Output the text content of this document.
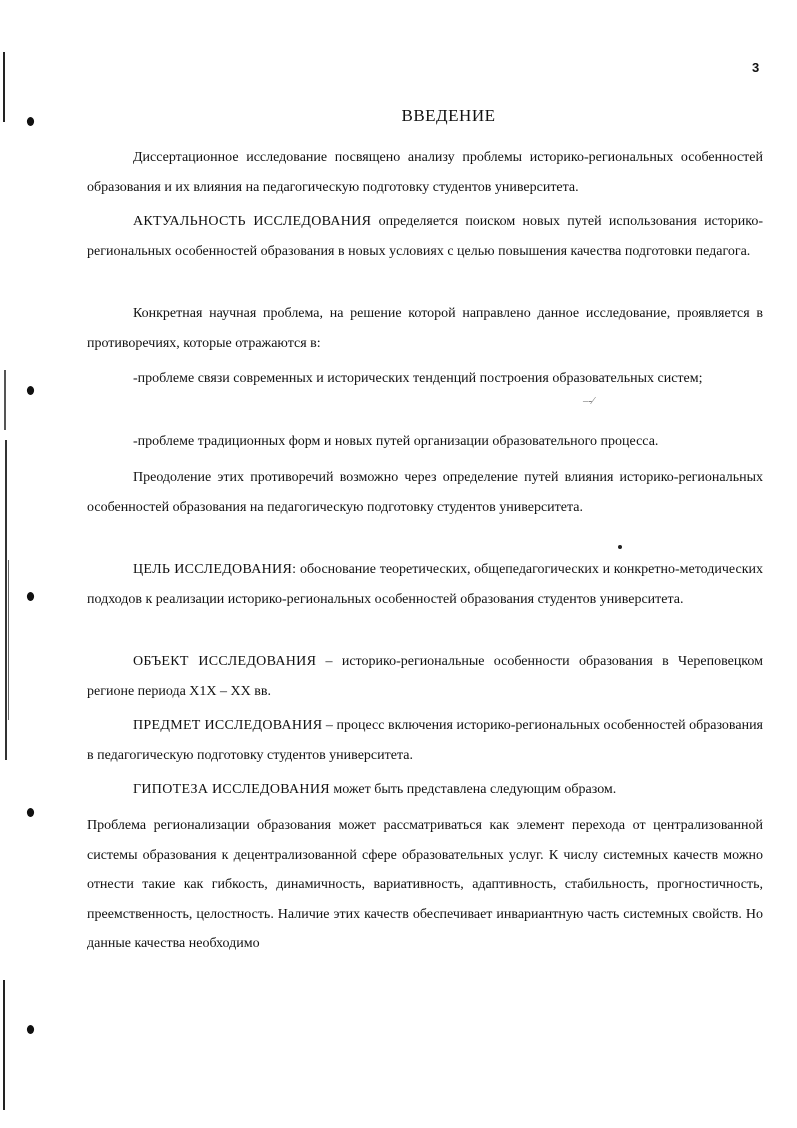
3
ВВЕДЕНИЕ
Диссертационное исследование посвящено анализу проблемы историко-региональных особенностей образования и их влияния на педагогическую подготовку студентов университета.
АКТУАЛЬНОСТЬ ИССЛЕДОВАНИЯ определяется поиском новых путей использования историко-региональных особенностей образования в новых условиях с целью повышения качества подготовки педагога.
Конкретная научная проблема, на решение которой направлено данное исследование, проявляется в противоречиях, которые отражаются в:
-проблеме связи современных и исторических тенденций построения образовательных систем;
-проблеме традиционных форм и новых путей организации образовательного процесса.
Преодоление этих противоречий возможно через определение путей влияния историко-региональных особенностей образования на педагогическую подготовку студентов университета.
ЦЕЛЬ ИССЛЕДОВАНИЯ: обоснование теоретических, общепедагогических и конкретно-методических подходов к реализации историко-региональных особенностей образования студентов университета.
ОБЪЕКТ ИССЛЕДОВАНИЯ – историко-региональные особенности образования в Череповецком регионе периода Х1Х – ХХ вв.
ПРЕДМЕТ ИССЛЕДОВАНИЯ – процесс включения историко-региональных особенностей образования в педагогическую подготовку студентов университета.
ГИПОТЕЗА ИССЛЕДОВАНИЯ может быть представлена следующим образом.
Проблема регионализации образования может рассматриваться как элемент перехода от централизованной системы образования к децентрализованной сфере образовательных услуг. К числу системных качеств можно отнести такие как гибкость, динамичность, вариативность, адаптивность, стабильность, прогностичность, преемственность, целостность. Наличие этих качеств обеспечивает инвариантную часть системных свойств. Но данные качества необходимо
‒‑⁄
